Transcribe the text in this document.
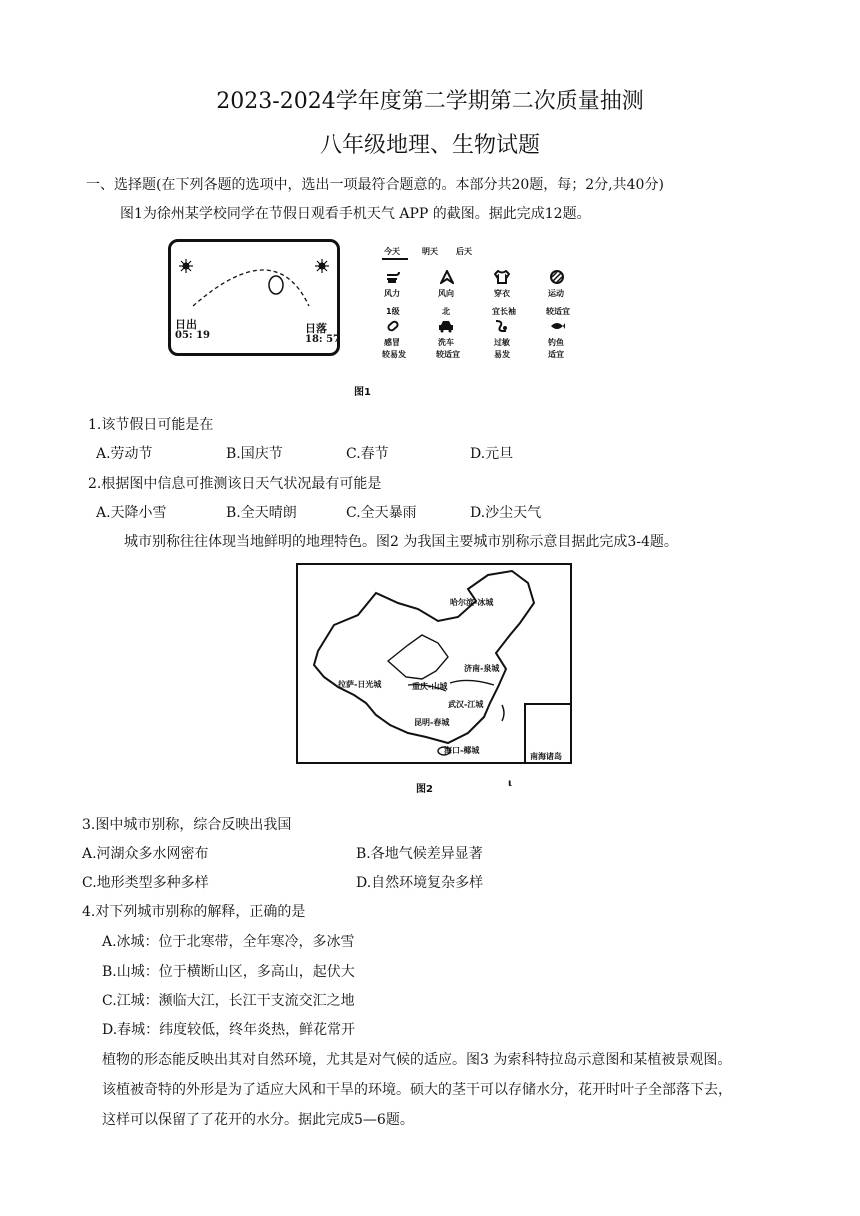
2023-2024学年度第二学期第二次质量抽测
八年级地理、生物试题
一、选择题(在下列各题的选项中，选出一项最符合题意的。本部分共20题，每；2分,共40分)
图1为徐州某学校同学在节假日观看手机天气 APP 的截图。据此完成12题。
日出
05: 19
日落
18: 57
今天	明天 后天
风力	风向	穿衣	运动
1级	北	宜长袖	较适宜
感冒	洗车	过敏	钓鱼
较易发	较适宜	易发	适宜
图1
1.该节假日可能是在
A.劳动节	B.国庆节	C.春节	D.元旦
2.根据图中信息可推测该日天气状况最有可能是
A.天降小雪	B.全天晴朗	C.全天暴雨	D.沙尘天气
城市别称往往体现当地鲜明的地理特色。图2 为我国主要城市别称示意目据此完成3-4题。
哈尔滨-冰城
济南-泉城
拉萨-日光城	重庆-山城
武汉-江城
昆明-春城
海口-椰城
南海诸岛
图2
ι
3.图中城市别称，综合反映出我国
A.河湖众多水网密布	B.各地气候差异显著
C.地形类型多种多样	D.自然环境复杂多样
4.对下列城市别称的解释，正确的是
A.冰城：位于北寒带，全年寒冷，多冰雪
B.山城：位于横断山区，多高山，起伏大
C.江城：濒临大江，长江干支流交汇之地
D.春城：纬度较低，终年炎热，鲜花常开
植物的形态能反映出其对自然环境，尤其是对气候的适应。图3 为索科特拉岛示意图和某植被景观图。
该植被奇特的外形是为了适应大风和干旱的环境。硕大的茎干可以存储水分，花开时叶子全部落下去，
这样可以保留了了花开的水分。据此完成5—6题。
